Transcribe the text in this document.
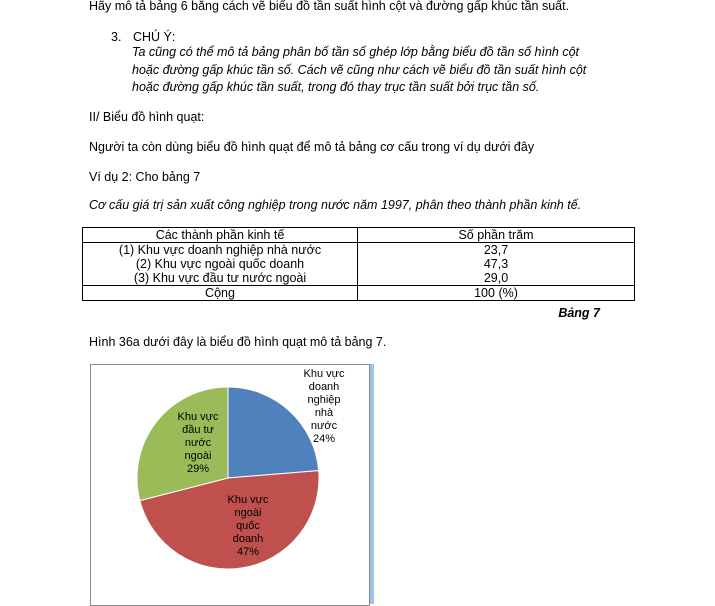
Hãy mô tả bảng 6 bằng cách vẽ biểu đồ tần suất hình cột và đường gấp khúc tần suất.
3. CHÚ Ý:
Ta cũng có thể mô tả bảng phân bố tần số ghép lớp bằng biểu đồ tần số hình cột
hoặc đường gấp khúc tần số. Cách vẽ cũng như cách vẽ biểu đồ tần suất hình cột
hoặc đường gấp khúc tần suất, trong đó thay trục tần suất bởi trục tần số.
II/ Biểu đồ hình quạt:
Người ta còn dùng biểu đồ hình quạt để mô tả bảng cơ cấu trong ví dụ dưới đây
Ví dụ 2: Cho bảng 7
Cơ cấu giá trị sản xuất công nghiệp trong nước năm 1997, phân theo thành phần kinh tế.
Các thành phần kinh tế	Số phần trăm
(1) Khu vực doanh nghiệp nhà nước	23,7
(2) Khu vực ngoài quốc doanh	47,3
(3) Khu vực đầu tư nước ngoài	29,0
Cộng	100 (%)
Bảng 7
Hình 36a dưới đây là biểu đồ hình quạt mô tả bảng 7.
Khu vực doanh nghiệp nhà nước 24%
Khu vực ngoài quốc doanh 47%
Khu vực đầu tư nước ngoài 29%
